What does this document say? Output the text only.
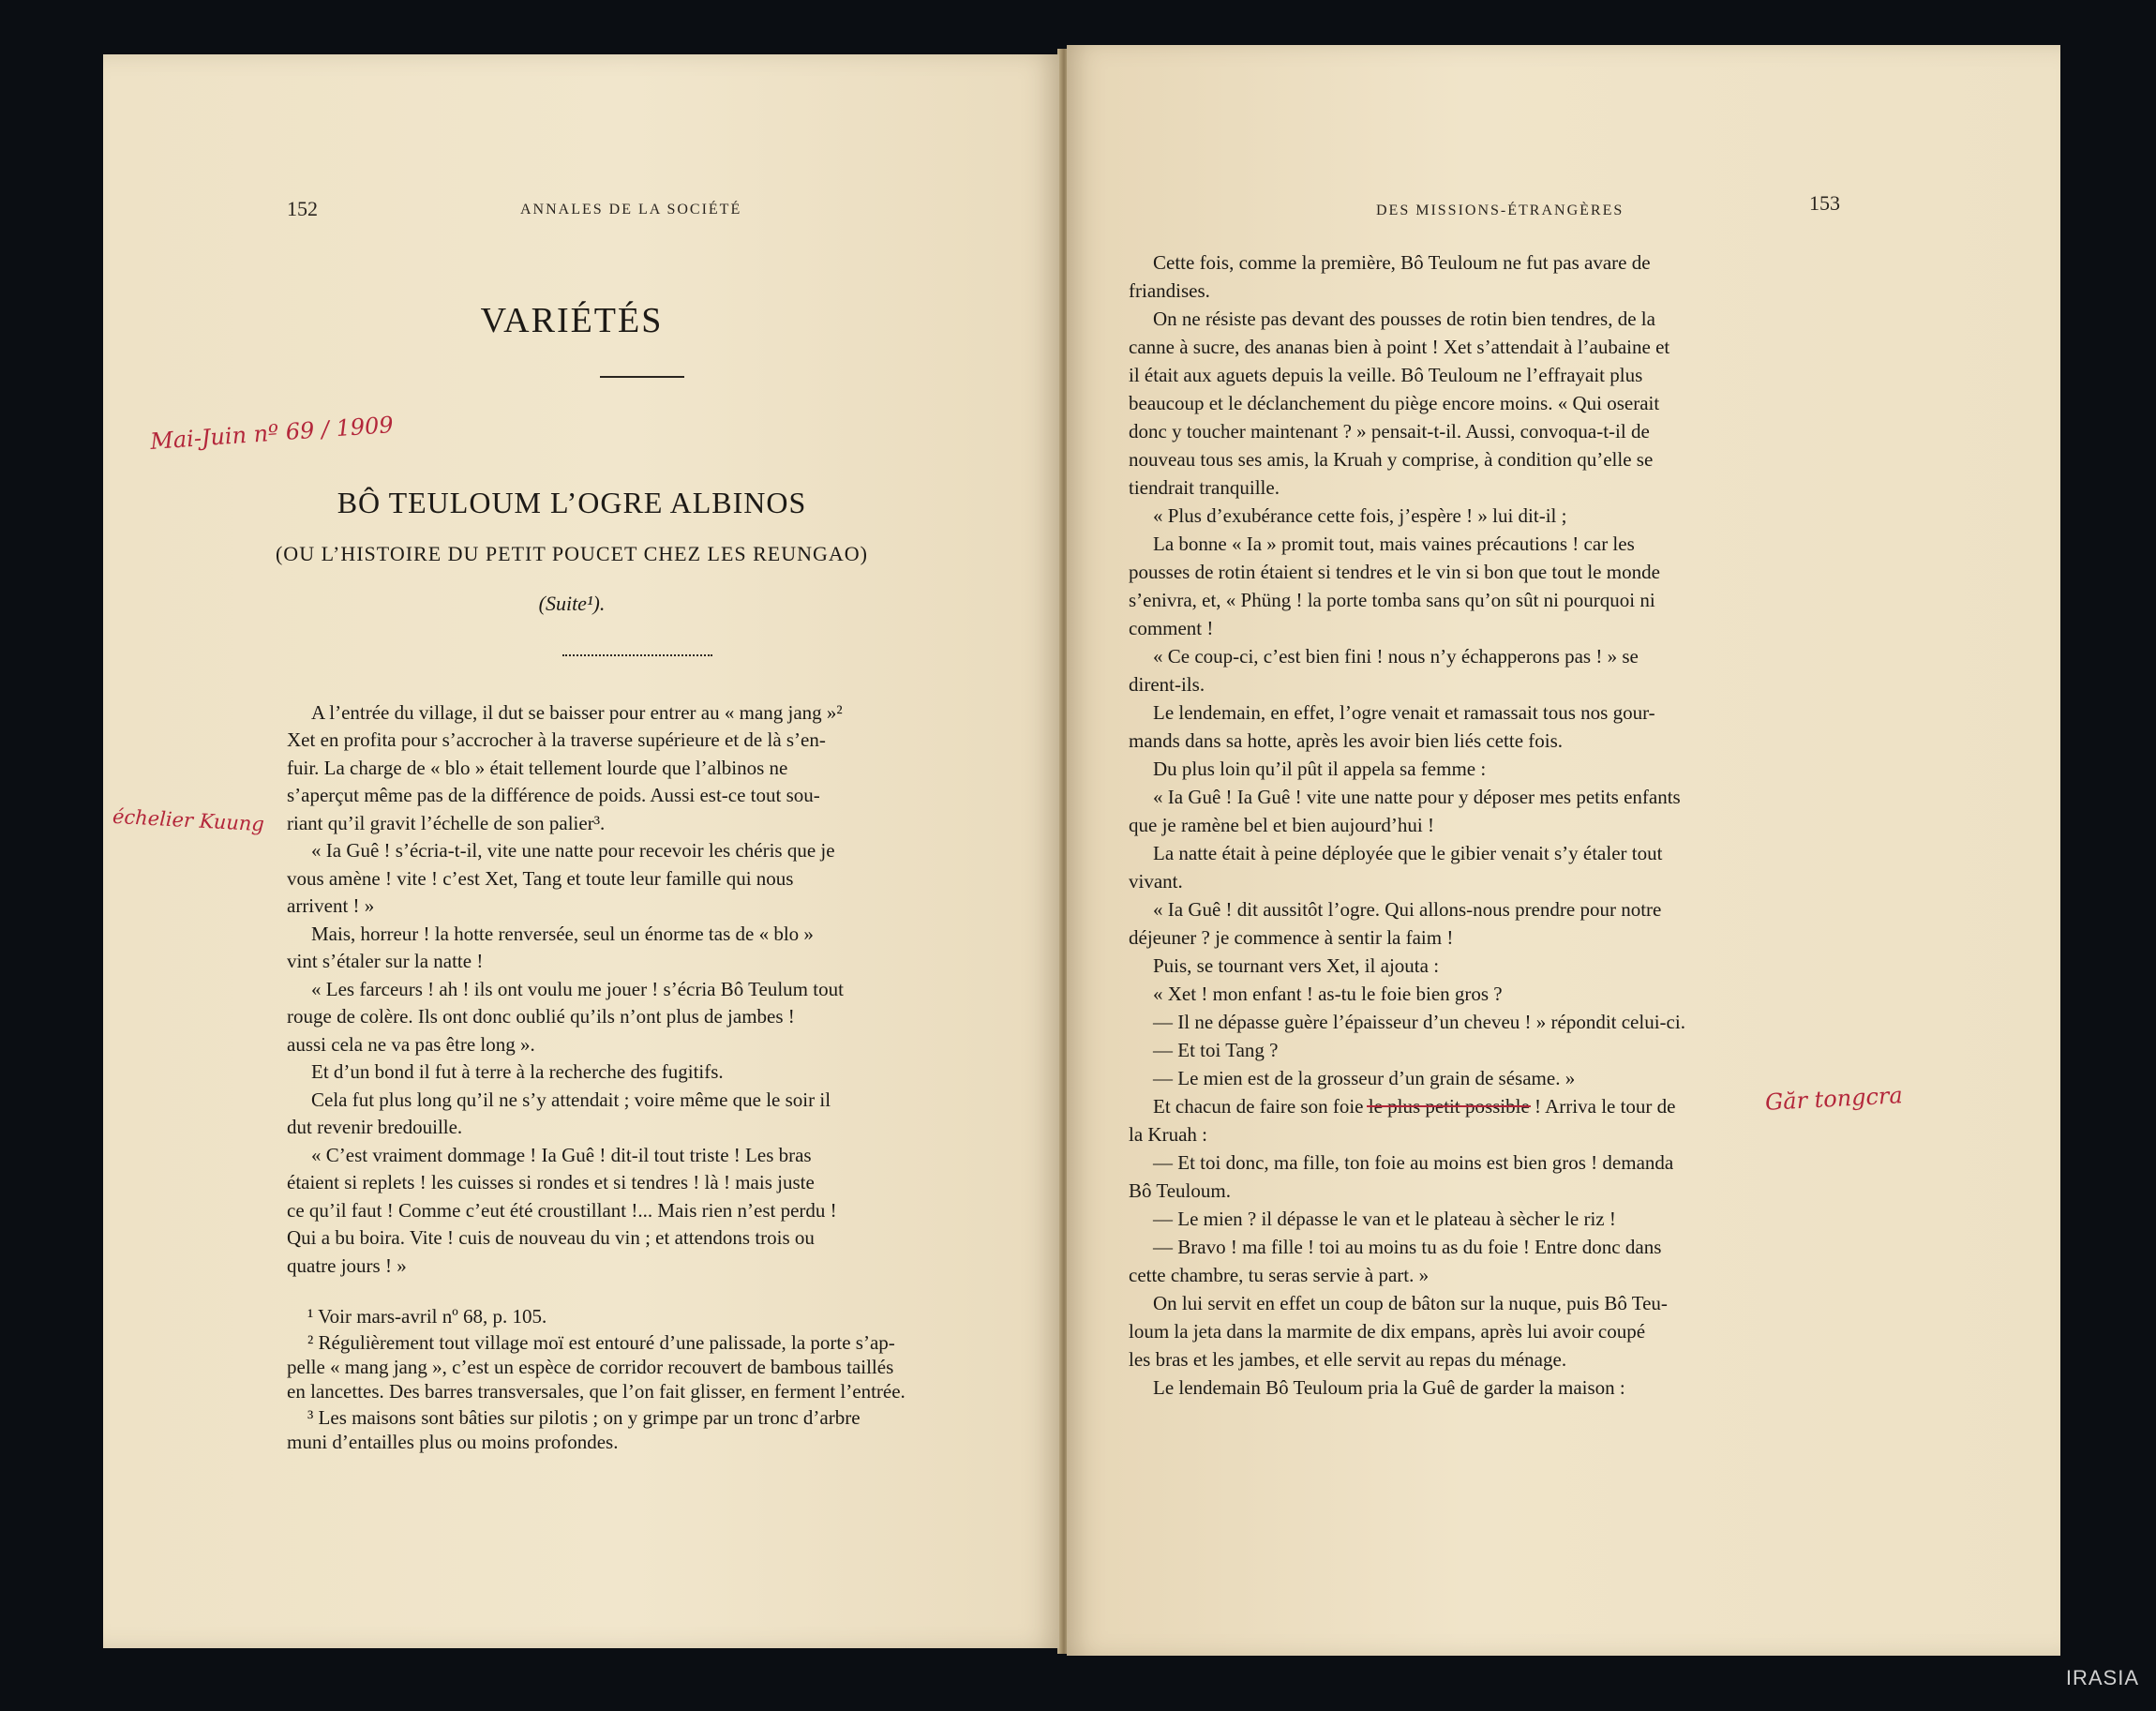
152	ANNALES DE LA SOCIÉTÉ
VARIÉTÉS
Mai-Juin nº 69 / 1909
BÔ TEULOUM L’OGRE ALBINOS
(OU L’HISTOIRE DU PETIT POUCET CHEZ LES REUNGAO)
(Suite¹).
échelier Kuung

A l’entrée du village, il dut se baisser pour entrer au « mang jang »²

Xet en profita pour s’accrocher à la traverse supérieure et de là s’en-

fuir. La charge de « blo » était tellement lourde que l’albinos ne

s’aperçut même pas de la différence de poids. Aussi est-ce tout sou-

riant qu’il gravit l’échelle de son palier³.

« Ia Guê ! s’écria-t-il, vite une natte pour recevoir les chéris que je

vous amène ! vite ! c’est Xet, Tang et toute leur famille qui nous

arrivent ! »

Mais, horreur ! la hotte renversée, seul un énorme tas de « blo »

vint s’étaler sur la natte !

« Les farceurs ! ah ! ils ont voulu me jouer ! s’écria Bô Teulum tout

rouge de colère. Ils ont donc oublié qu’ils n’ont plus de jambes !

aussi cela ne va pas être long ».

Et d’un bond il fut à terre à la recherche des fugitifs.

Cela fut plus long qu’il ne s’y attendait ; voire même que le soir il

dut revenir bredouille.

« C’est vraiment dommage ! Ia Guê ! dit-il tout triste ! Les bras

étaient si replets ! les cuisses si rondes et si tendres ! là ! mais juste

ce qu’il faut ! Comme c’eut été croustillant !... Mais rien n’est perdu !

Qui a bu boira. Vite ! cuis de nouveau du vin ; et attendons trois ou

quatre jours ! »

¹ Voir mars-avril nº 68, p. 105.

² Régulièrement tout village moï est entouré d’une palissade, la porte s’ap-

pelle « mang jang », c’est un espèce de corridor recouvert de bambous taillés

en lancettes. Des barres transversales, que l’on fait glisser, en ferment l’entrée.

³ Les maisons sont bâties sur pilotis ; on y grimpe par un tronc d’arbre

muni d’entailles plus ou moins profondes.

DES MISSIONS-ÉTRANGÈRES	153
Găr tongcra

Cette fois, comme la première, Bô Teuloum ne fut pas avare de

friandises.

On ne résiste pas devant des pousses de rotin bien tendres, de la

canne à sucre, des ananas bien à point ! Xet s’attendait à l’aubaine et

il était aux aguets depuis la veille. Bô Teuloum ne l’effrayait plus

beaucoup et le déclanchement du piège encore moins. « Qui oserait

donc y toucher maintenant ? » pensait-t-il. Aussi, convoqua-t-il de

nouveau tous ses amis, la Kruah y comprise, à condition qu’elle se

tiendrait tranquille.

« Plus d’exubérance cette fois, j’espère ! » lui dit-il ;

La bonne « Ia » promit tout, mais vaines précautions ! car les

pousses de rotin étaient si tendres et le vin si bon que tout le monde

s’enivra, et, « Phüng ! la porte tomba sans qu’on sût ni pourquoi ni

comment !

« Ce coup-ci, c’est bien fini ! nous n’y échapperons pas ! » se

dirent-ils.

Le lendemain, en effet, l’ogre venait et ramassait tous nos gour-

mands dans sa hotte, après les avoir bien liés cette fois.

Du plus loin qu’il pût il appela sa femme :

« Ia Guê ! Ia Guê ! vite une natte pour y déposer mes petits enfants

que je ramène bel et bien aujourd’hui !

La natte était à peine déployée que le gibier venait s’y étaler tout

vivant.

« Ia Guê ! dit aussitôt l’ogre. Qui allons-nous prendre pour notre

déjeuner ? je commence à sentir la faim !

Puis, se tournant vers Xet, il ajouta :

« Xet ! mon enfant ! as-tu le foie bien gros ?

— Il ne dépasse guère l’épaisseur d’un cheveu ! » répondit celui-ci.

— Et toi Tang ?

— Le mien est de la grosseur d’un grain de sésame. »

Et chacun de faire son foie le plus petit possible ! Arriva le tour de

la Kruah :

— Et toi donc, ma fille, ton foie au moins est bien gros ! demanda

Bô Teuloum.

— Le mien ? il dépasse le van et le plateau à sècher le riz !

— Bravo ! ma fille ! toi au moins tu as du foie ! Entre donc dans

cette chambre, tu seras servie à part. »

On lui servit en effet un coup de bâton sur la nuque, puis Bô Teu-

loum la jeta dans la marmite de dix empans, après lui avoir coupé

les bras et les jambes, et elle servit au repas du ménage.

Le lendemain Bô Teuloum pria la Guê de garder la maison :

IRASIA
